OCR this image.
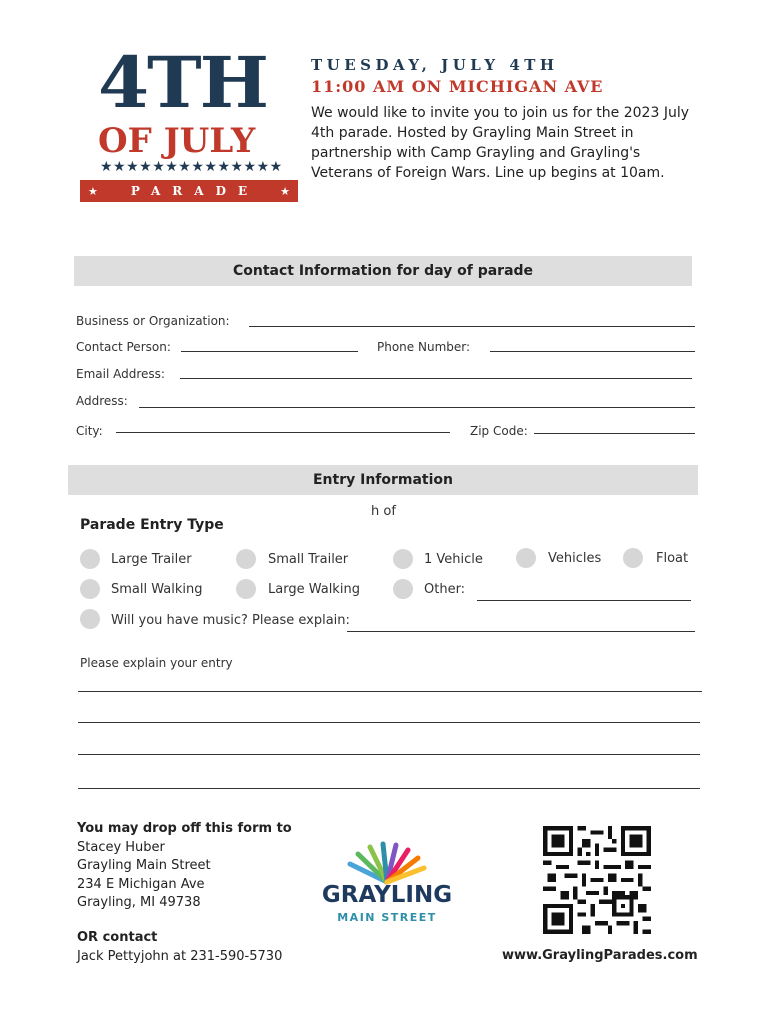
4TH
OF JULY
★★★★★★★★★★★★★★
★	PARADE ★
TUESDAY, JULY 4TH
11:00 AM ON MICHIGAN AVE
We would like to invite you to join us for the 2023 July 4th parade. Hosted by Grayling Main Street in partnership with Camp Grayling and Grayling's Veterans of Foreign Wars. Line up begins at 10am.
Contact Information for day of parade
Business or Organization:
Contact Person:	Phone Number:
Email Address:
Address:
City:	Zip Code:
Entry Information
h of
Parade Entry Type
Large Trailer	Small Trailer	1 Vehicle	Vehicles	Float
Small Walking	Large Walking	Other:
Will you have music? Please explain:
Please explain your entry
You may drop off this form to
Stacey Huber
Grayling Main Street
234 E Michigan Ave
Grayling, MI 49738
OR contact
Jack Pettyjohn at 231-590-5730
GRAYLING
MAIN STREET
www.GraylingParades.com
